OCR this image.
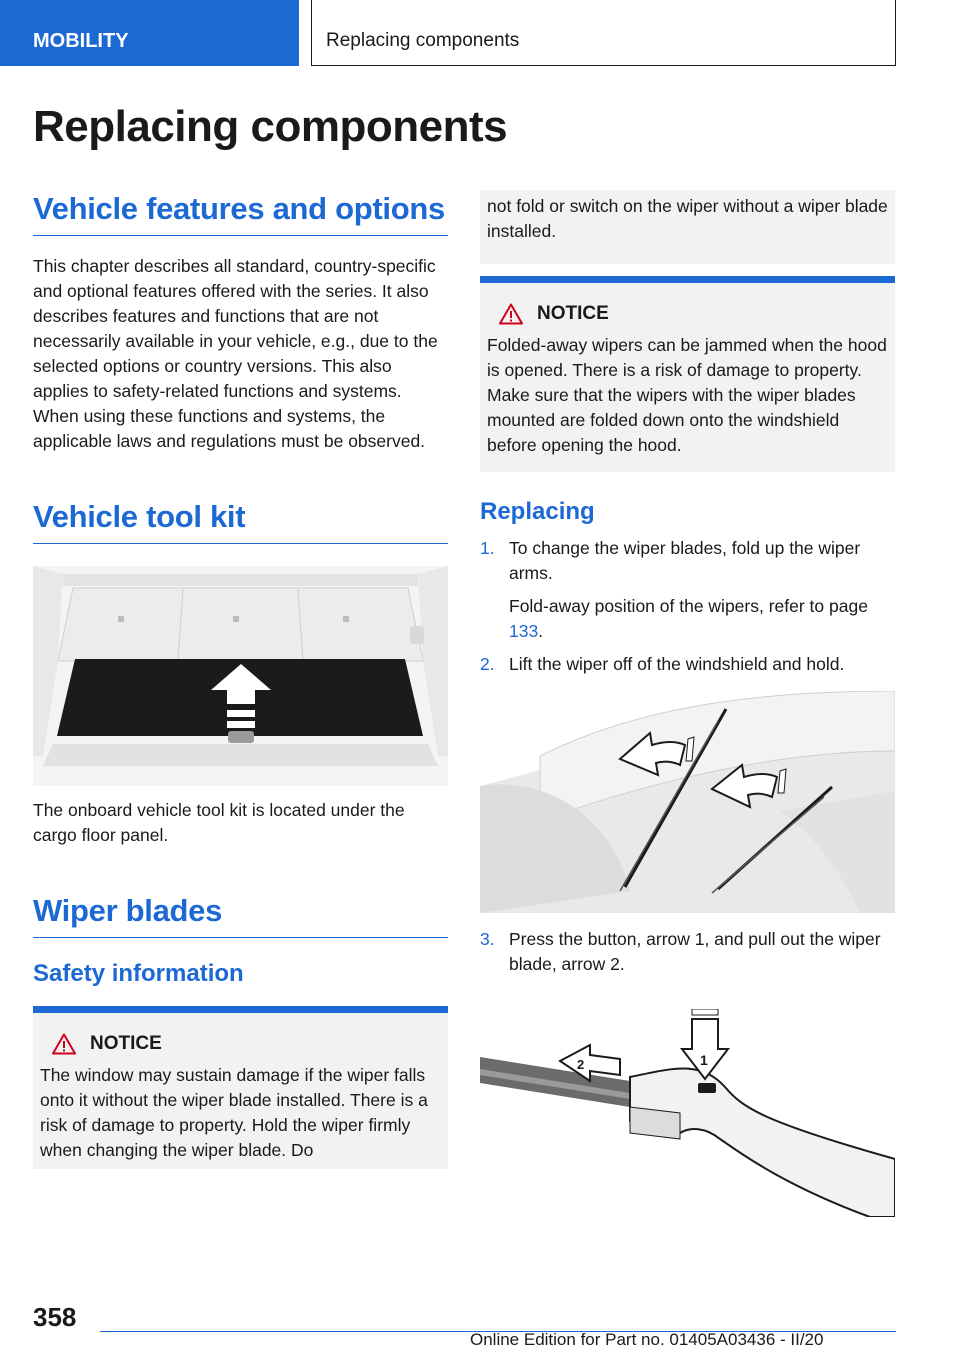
MOBILITY	Replacing components
Replacing components
Vehicle features and options

This chapter describes all standard, country-specific and optional features offered with the series. It also describes features and functions that are not necessarily available in your vehicle, e.g., due to the selected options or country versions. This also applies to safety-related functions and systems. When using these functions and systems, the applicable laws and regulations must be observed.

Vehicle tool kit

The onboard vehicle tool kit is located under the cargo floor panel.

Wiper blades
Safety information
NOTICE

The window may sustain damage if the wiper falls onto it without the wiper blade installed. There is a risk of damage to property. Hold the wiper firmly when changing the wiper blade. Do

not fold or switch on the wiper without a wiper blade installed.

NOTICE

Folded-away wipers can be jammed when the hood is opened. There is a risk of damage to property. Make sure that the wipers with the wiper blades mounted are folded down onto the windshield before opening the hood.

Replacing
1. To change the wiper blades, fold up the wiper arms.
Fold-away position of the wipers, refer to page 133.
2. Lift the wiper off of the windshield and hold.
3. Press the button, arrow 1, and pull out the wiper blade, arrow 2.
2	1
358
Online Edition for Part no. 01405A03436 - II/20
